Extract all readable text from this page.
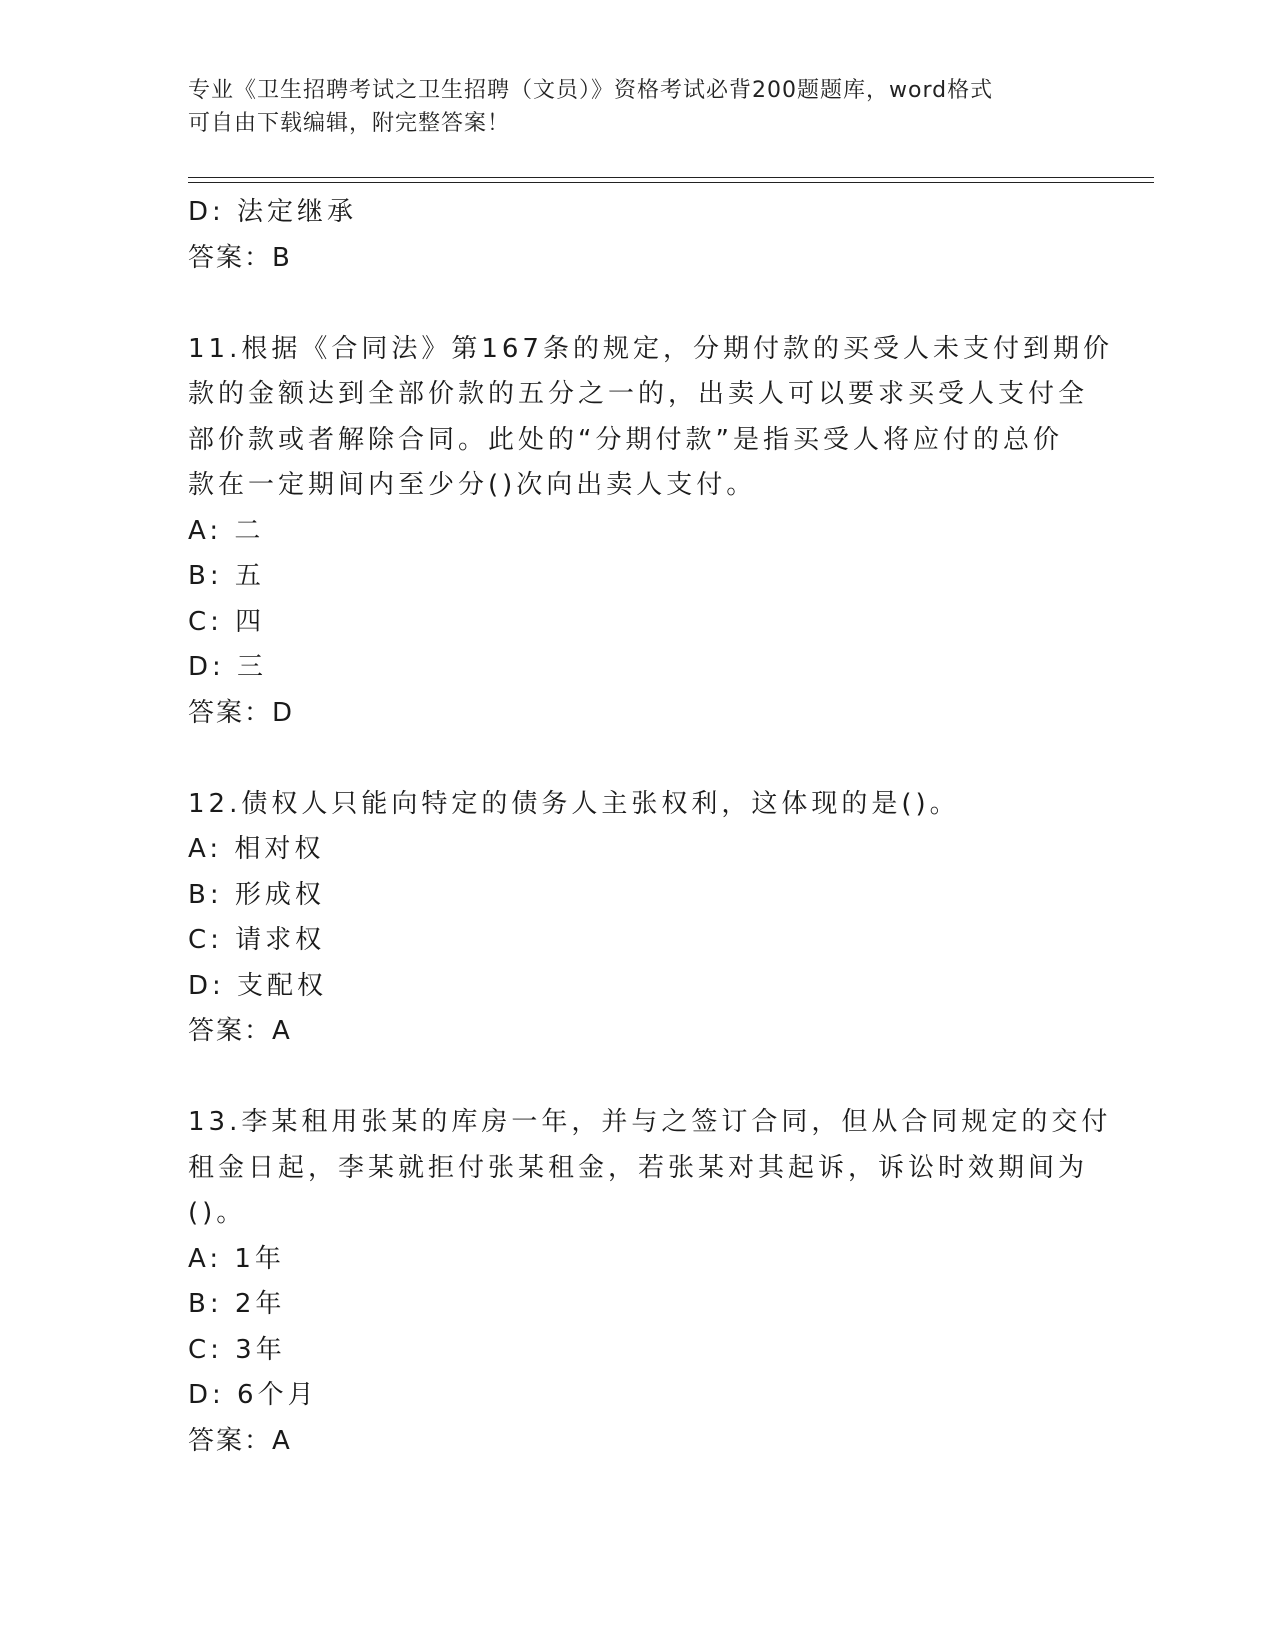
专业《卫生招聘考试之卫生招聘（文员）》资格考试必背200题题库，word格式
可自由下载编辑，附完整答案！
D: 法定继承
答案：B
11.根据《合同法》第167条的规定，分期付款的买受人未支付到期价
款的金额达到全部价款的五分之一的，出卖人可以要求买受人支付全
部价款或者解除合同。此处的“分期付款”是指买受人将应付的总价
款在一定期间内至少分()次向出卖人支付。
A: 二
B: 五
C: 四
D: 三
答案：D
12.债权人只能向特定的债务人主张权利，这体现的是()。
A: 相对权
B: 形成权
C: 请求权
D: 支配权
答案：A
13.李某租用张某的库房一年，并与之签订合同，但从合同规定的交付
租金日起，李某就拒付张某租金，若张某对其起诉，诉讼时效期间为
()。
A: 1年
B: 2年
C: 3年
D: 6个月
答案：A
